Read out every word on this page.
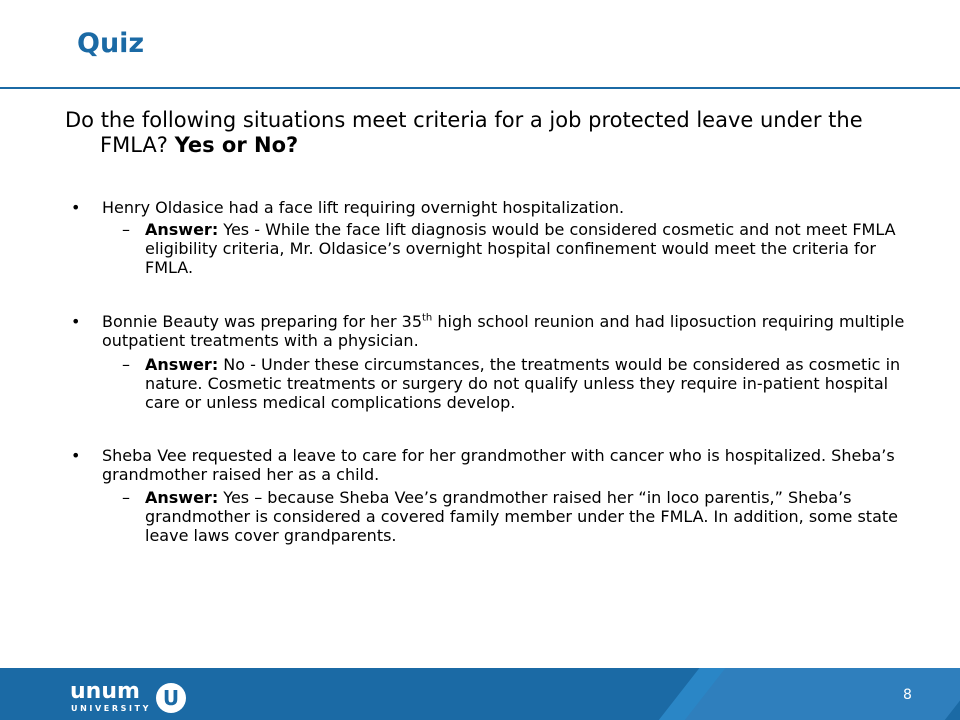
Quiz
Do the following situations meet criteria for a job protected leave under the FMLA? Yes or No?
• Henry Oldasice had a face lift requiring overnight hospitalization.
– Answer: Yes - While the face lift diagnosis would be considered cosmetic and not meet FMLA eligibility criteria, Mr. Oldasice’s overnight hospital confinement would meet the criteria for FMLA.
• Bonnie Beauty was preparing for her 35th high school reunion and had liposuction requiring multiple outpatient treatments with a physician.
– Answer: No - Under these circumstances, the treatments would be considered as cosmetic in nature. Cosmetic treatments or surgery do not qualify unless they require in-patient hospital care or unless medical complications develop.
• Sheba Vee requested a leave to care for her grandmother with cancer who is hospitalized. Sheba’s grandmother raised her as a child.
– Answer: Yes – because Sheba Vee’s grandmother raised her “in loco parentis,” Sheba’s grandmother is considered a covered family member under the FMLA. In addition, some state leave laws cover grandparents.
unum
UNIVERSITY U	8
